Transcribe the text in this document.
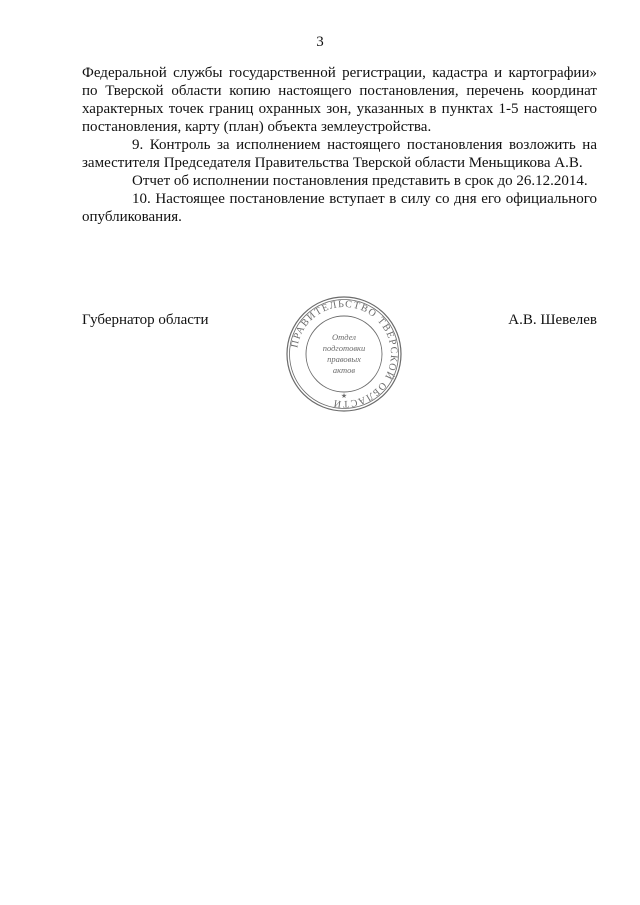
3

Федеральной службы государственной регистрации, кадастра и картографии» по Тверской области копию настоящего постановления, перечень координат характерных точек границ охранных зон, указанных в пунктах 1-5 настоящего постановления, карту (план) объекта землеустройства.

9. Контроль за исполнением настоящего постановления возложить на заместителя Председателя Правительства Тверской области Меньщикова А.В.

Отчет об исполнении постановления представить в срок до 26.12.2014.

10. Настоящее постановление вступает в силу со дня его официального опубликования.

Губернатор области	А.В. Шевелев
ПРАВИТЕЛЬСТВО ТВЕРСКОЙ ОБЛАСТИ
Отдел
подготовки
правовых
актов
★
